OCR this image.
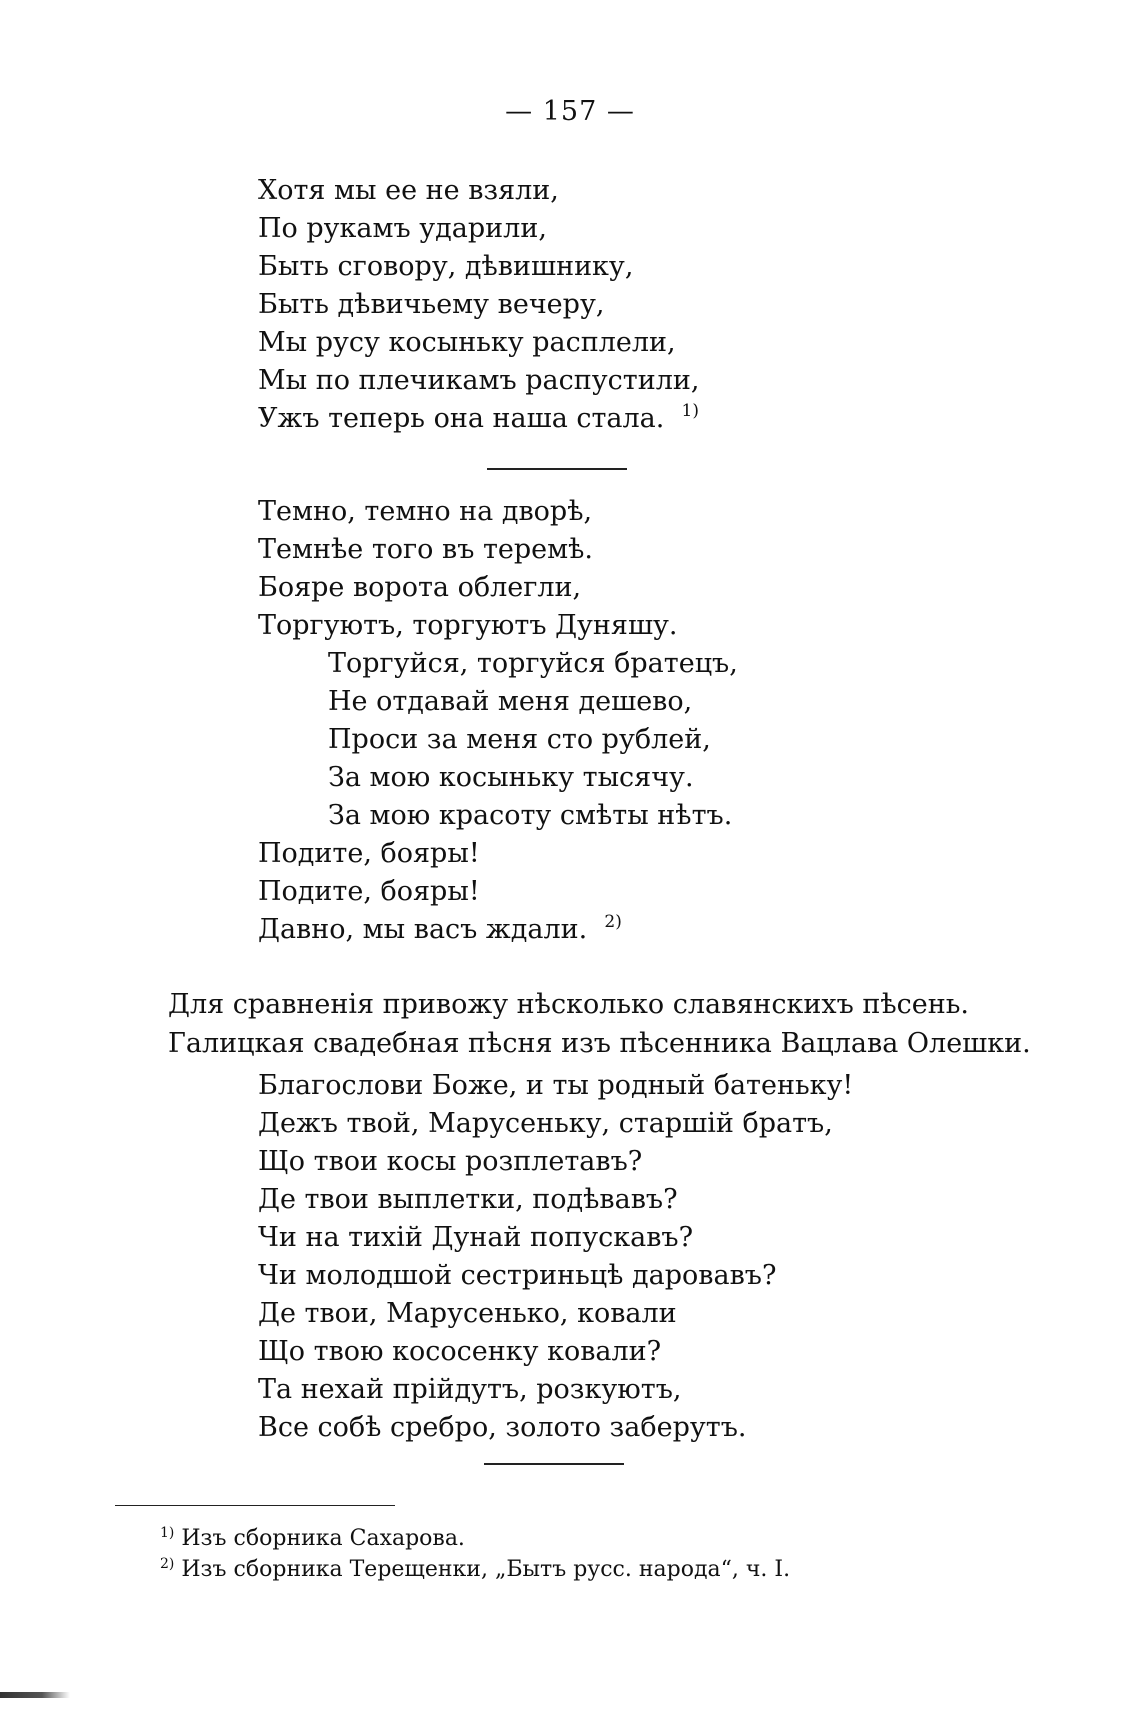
— 157 —
Хотя мы ее не взяли,
По рукамъ ударили,
Быть сговору, дѣвишнику,
Быть дѣвичьему вечеру,
Мы русу косыньку расплели,
Мы по плечикамъ распустили,
Ужъ теперь она наша стала. $^{1)}$
Темно, темно на дворѣ,
Темнѣе того въ теремѣ.
Бояре ворота облегли,
Торгуютъ, торгуютъ Дуняшу.
Торгуйся, торгуйся братецъ,
Не отдавай меня дешево,
Проси за меня сто рублей,
За мою косыньку тысячу.
За мою красоту смѣты нѣтъ.
Подите, бояры!
Подите, бояры!
Давно, мы васъ ждали. $^{2)}$
Для сравненія привожу нѣсколько славянскихъ пѣсень.
Галицкая свадебная пѣсня изъ пѣсенника Вацлава Олешки.
Благослови Боже, и ты родный батеньку!
Дежъ твой, Марусеньку, старшій братъ,
Що твои косы розплетавъ?
Де твои выплетки, подѣвавъ?
Чи на тихій Дунай попускавъ?
Чи молодшой сестриньцѣ даровавъ?
Де твои, Марусенько, ковали
Що твою кососенку ковали?
Та нехай прійдутъ, розкуютъ,
Все собѣ сребро, золото заберутъ.
$^{1)}$ Изъ сборника Сахарова.
$^{2)}$ Изъ сборника Терещенки, „Бытъ русс. народа“, ч. I.
